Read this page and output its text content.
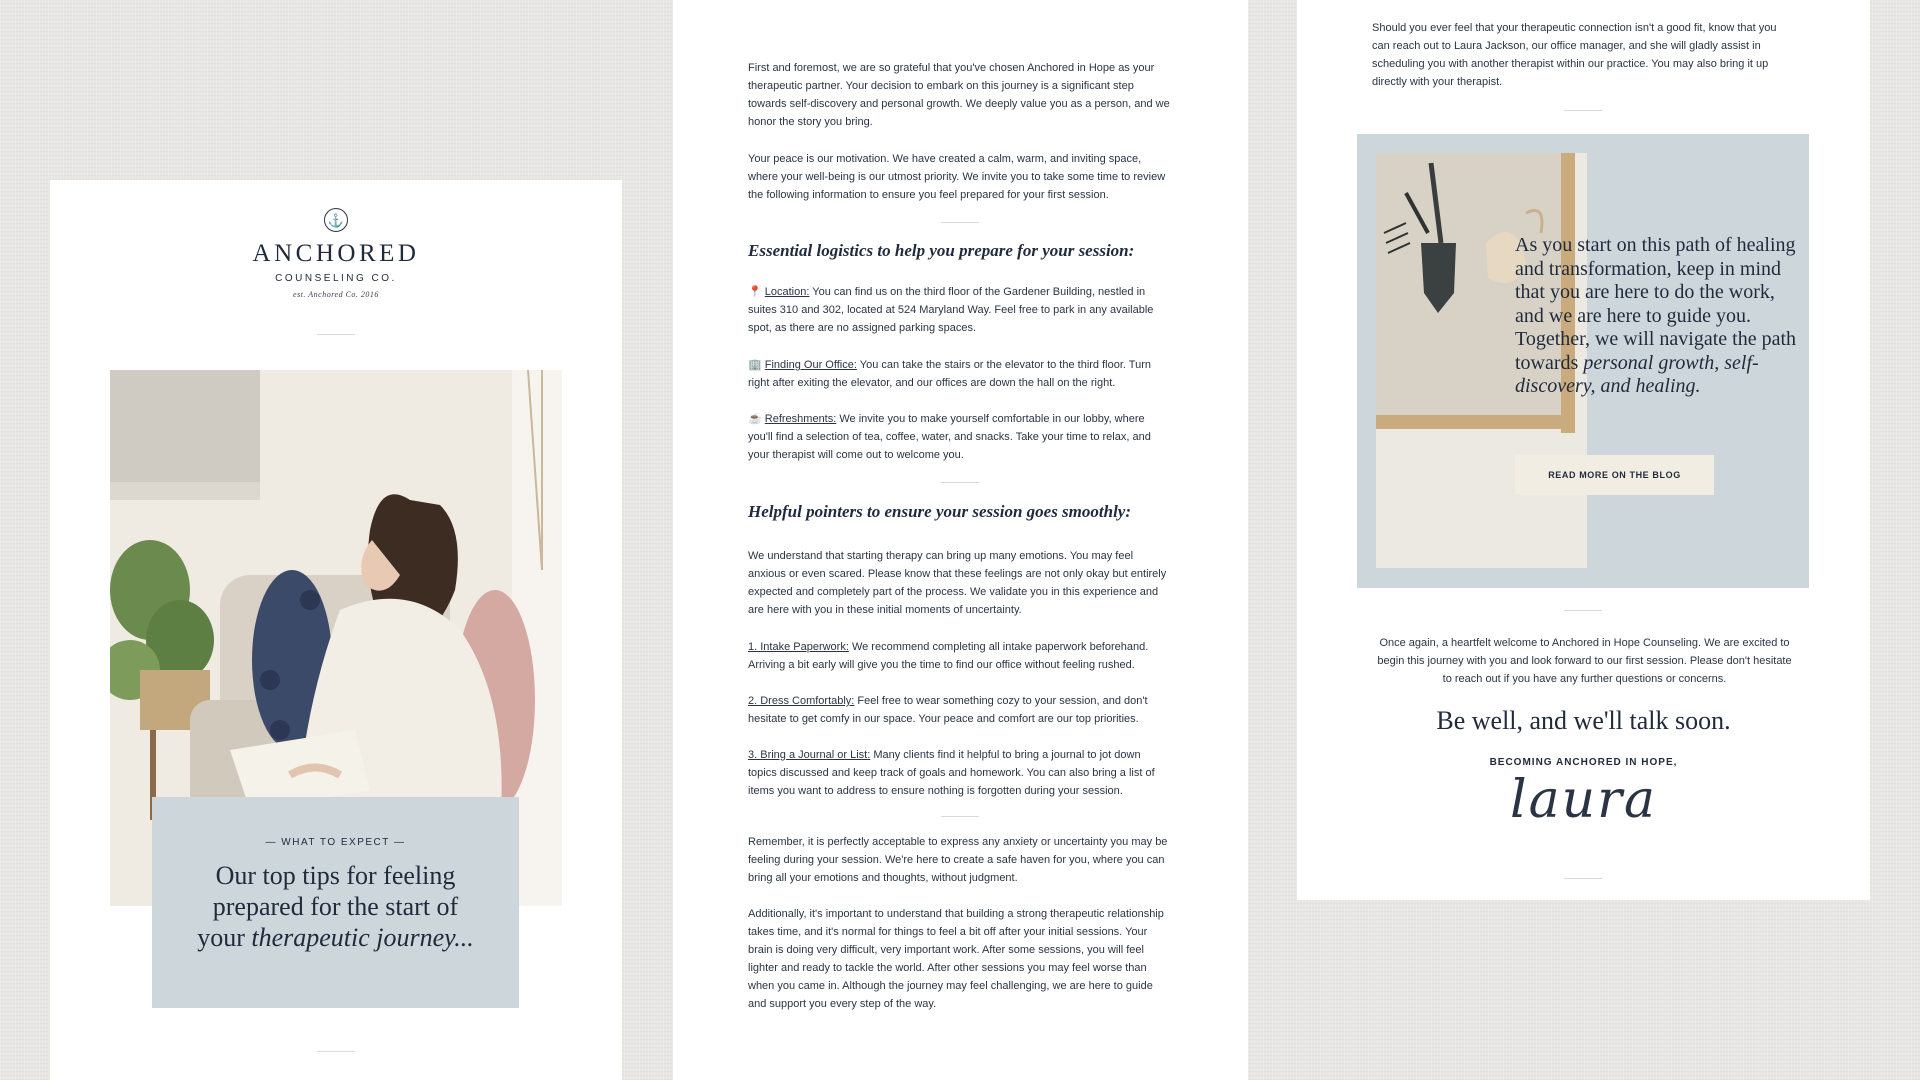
⚓
ANCHORED
COUNSELING CO.
est. Anchored Co. 2016
— WHAT TO EXPECT —
Our top tips for feeling
prepared for the start of
your therapeutic journey...

First and foremost, we are so grateful that you've chosen Anchored in Hope as your therapeutic partner. Your decision to embark on this journey is a significant step towards self-discovery and personal growth. We deeply value you as a person, and we honor the story you bring.

Your peace is our motivation. We have created a calm, warm, and inviting space, where your well-being is our utmost priority. We invite you to take some time to review the following information to ensure you feel prepared for your first session.

Essential logistics to help you prepare for your session:

📍 Location: You can find us on the third floor of the Gardener Building, nestled in suites 310 and 302, located at 524 Maryland Way. Feel free to park in any available spot, as there are no assigned parking spaces.

🏢 Finding Our Office: You can take the stairs or the elevator to the third floor. Turn right after exiting the elevator, and our offices are down the hall on the right.

☕ Refreshments: We invite you to make yourself comfortable in our lobby, where you'll find a selection of tea, coffee, water, and snacks. Take your time to relax, and your therapist will come out to welcome you.

Helpful pointers to ensure your session goes smoothly:

We understand that starting therapy can bring up many emotions. You may feel anxious or even scared. Please know that these feelings are not only okay but entirely expected and completely part of the process. We validate you in this experience and are here with you in these initial moments of uncertainty.

1. Intake Paperwork: We recommend completing all intake paperwork beforehand. Arriving a bit early will give you the time to find our office without feeling rushed.

2. Dress Comfortably: Feel free to wear something cozy to your session, and don't hesitate to get comfy in our space. Your peace and comfort are our top priorities.

3. Bring a Journal or List: Many clients find it helpful to bring a journal to jot down topics discussed and keep track of goals and homework. You can also bring a list of items you want to address to ensure nothing is forgotten during your session.

Remember, it is perfectly acceptable to express any anxiety or uncertainty you may be feeling during your session. We're here to create a safe haven for you, where you can bring all your emotions and thoughts, without judgment.

Additionally, it's important to understand that building a strong therapeutic relationship takes time, and it's normal for things to feel a bit off after your initial sessions. Your brain is doing very difficult, very important work. After some sessions, you will feel lighter and ready to tackle the world. After other sessions you may feel worse than when you came in. Although the journey may feel challenging, we are here to guide and support you every step of the way.

Should you ever feel that your therapeutic connection isn't a good fit, know that you can reach out to Laura Jackson, our office manager, and she will gladly assist in scheduling you with another therapist within our practice. You may also bring it up directly with your therapist.

As you start on this path of healing and transformation, keep in mind that you are here to do the work, and we are here to guide you. Together, we will navigate the path towards personal growth, self-discovery, and healing.
READ MORE ON THE BLOG

Once again, a heartfelt welcome to Anchored in Hope Counseling. We are excited to begin this journey with you and look forward to our first session. Please don't hesitate to reach out if you have any further questions or concerns.

Be well, and we'll talk soon.
BECOMING ANCHORED IN HOPE,
laura
